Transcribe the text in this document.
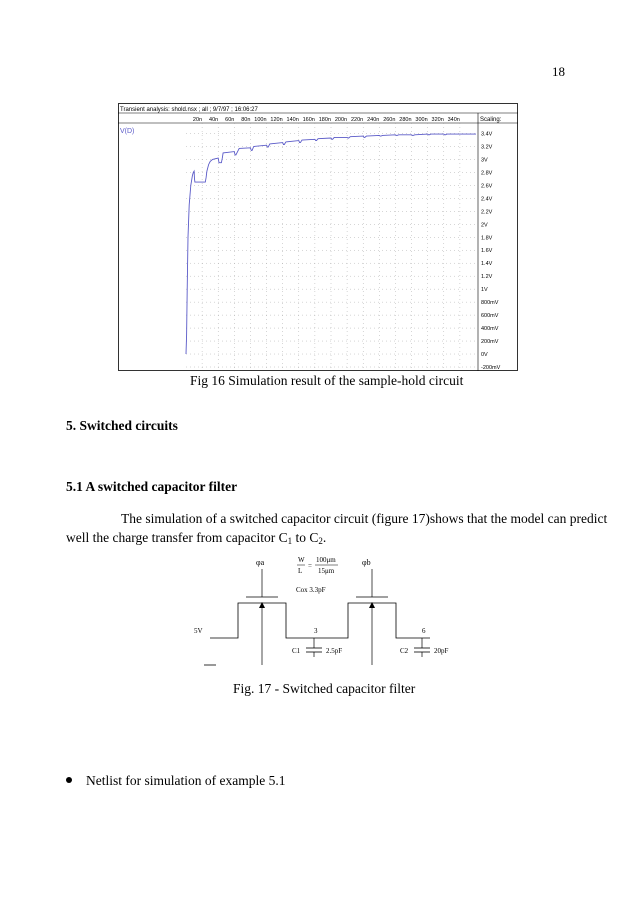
18
Transient analysis: shold.nsx ; all ; 9/7/97 ; 16:06:27
Scaling:
V(D)
20n 40n 60n 80n 100n 120n 140n 160n 180n 200n 220n 240n 260n 280n 300n 320n 340n
3.4V
3.2V
3V
2.8V
2.6V
2.4V
2.2V
2V
1.8V
1.6V
1.4V
1.2V
1V
800mV
600mV
400mV
200mV
0V
-200mV
Fig 16 Simulation result of the sample-hold circuit
5. Switched circuits
5.1 A switched capacitor filter
The simulation of a switched capacitor circuit (figure 17)shows that the model can predict
well the charge transfer from capacitor $C_1$ to $C_2$.
φa	φb
W
L
=
100μm
15μm
Cox 3.3pF
5V	3	6
C1	2.5pF	C2	20pF
Fig. 17 - Switched capacitor filter
Netlist for simulation of example 5.1
